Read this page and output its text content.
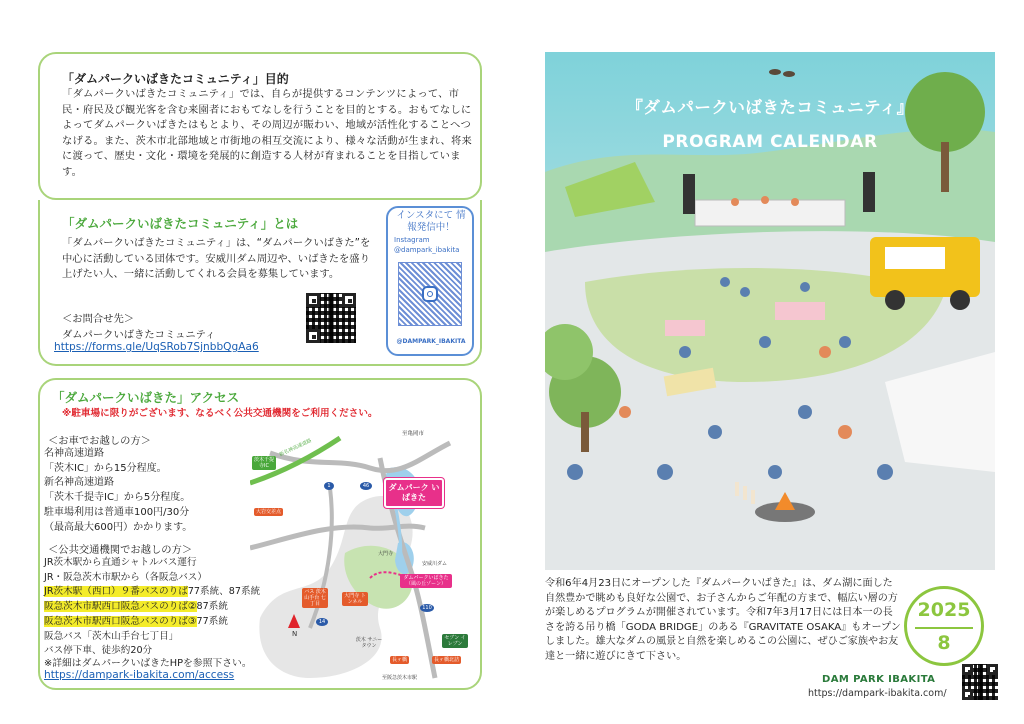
「ダムパークいばきたコミュニティ」目的

「ダムパークいばきたコミュニティ」では、自らが提供するコンテンツによって、市民・府民及び観光客を含む来園者におもてなしを行うことを目的とする。おもてなしによってダムパークいばきたはもとより、その周辺が賑わい、地域が活性化することへつなげる。また、茨木市北部地域と市街地の相互交流により、様々な活動が生まれ、将来に渡って、歴史・文化・環境を発展的に創造する人材が育まれることを目指しています。

「ダムパークいばきたコミュニティ」とは

「ダムパークいばきたコミュニティ」は、“ダムパークいばきた”を中心に活動している団体です。安威川ダム周辺や、いばきたを盛り上げたい人、一緒に活動してくれる会員を募集しています。

＜お問合せ先＞
ダムパークいばきたコミュニティ
https://forms.gle/UqSRob7SjnbbQgAa6
インスタにて 情報発信中！
Instagram
@dampark_ibakita
@DAMPARK_IBAKITA
「ダムパークいばきた」アクセス
※駐車場に限りがございます、なるべく公共交通機関をご利用ください。
＜お車でお越しの方＞
名神高速道路
「茨木IC」から15分程度。
新名神高速道路
「茨木千提寺IC」から5分程度。
駐車場利用は普通車100円/30分
（最高最大600円）かかります。
＜公共交通機関でお越しの方＞
JR茨木駅から直通シャトルバス運行
JR・阪急茨木市駅から（各阪急バス）
JR茨木駅（西口）９番バスのりば77系統、87系統
阪急茨木市駅西口阪急バスのりば②87系統
阪急茨木市駅西口阪急バスのりば③77系統
阪急バス「茨木山手台七丁目」
バス停下車、徒歩約20分
※詳細はダムパークいばきたHPを参照下さい。
https://dampark-ibakita.com/access
至亀岡市
茨木千提寺IC
新名神高速道路
ダムパーク いばきた
大岩交差点
安威川ダム
ダムパークいばきた（風の丘ゾーン）
バス 茨木山手台 七丁目
大門寺 トンネル
茨木 サニータウン
セブン イレブン
長ヶ橋	長ヶ橋北詰
至阪急茨木市駅
大門寺
1	46
110
14
N
『ダムパークいばきたコミュニティ』
PROGRAM CALENDAR

令和6年4月23日にオープンした『ダムパークいばきた』は、ダム湖に面した自然豊かで眺めも良好な公園で、お子さんからご年配の方まで、幅広い層の方が楽しめるプログラムが開催されています。令和7年3月17日には日本一の長さを誇る吊り橋「GODA BRIDGE」のある『GRAVITATE OSAKA』もオープンしました。雄大なダムの風景と自然を楽しめるこの公園に、ぜひご家族やお友達と一緒に遊びにきて下さい。

2025
8
DAM PARK IBAKITA
https://dampark-ibakita.com/
